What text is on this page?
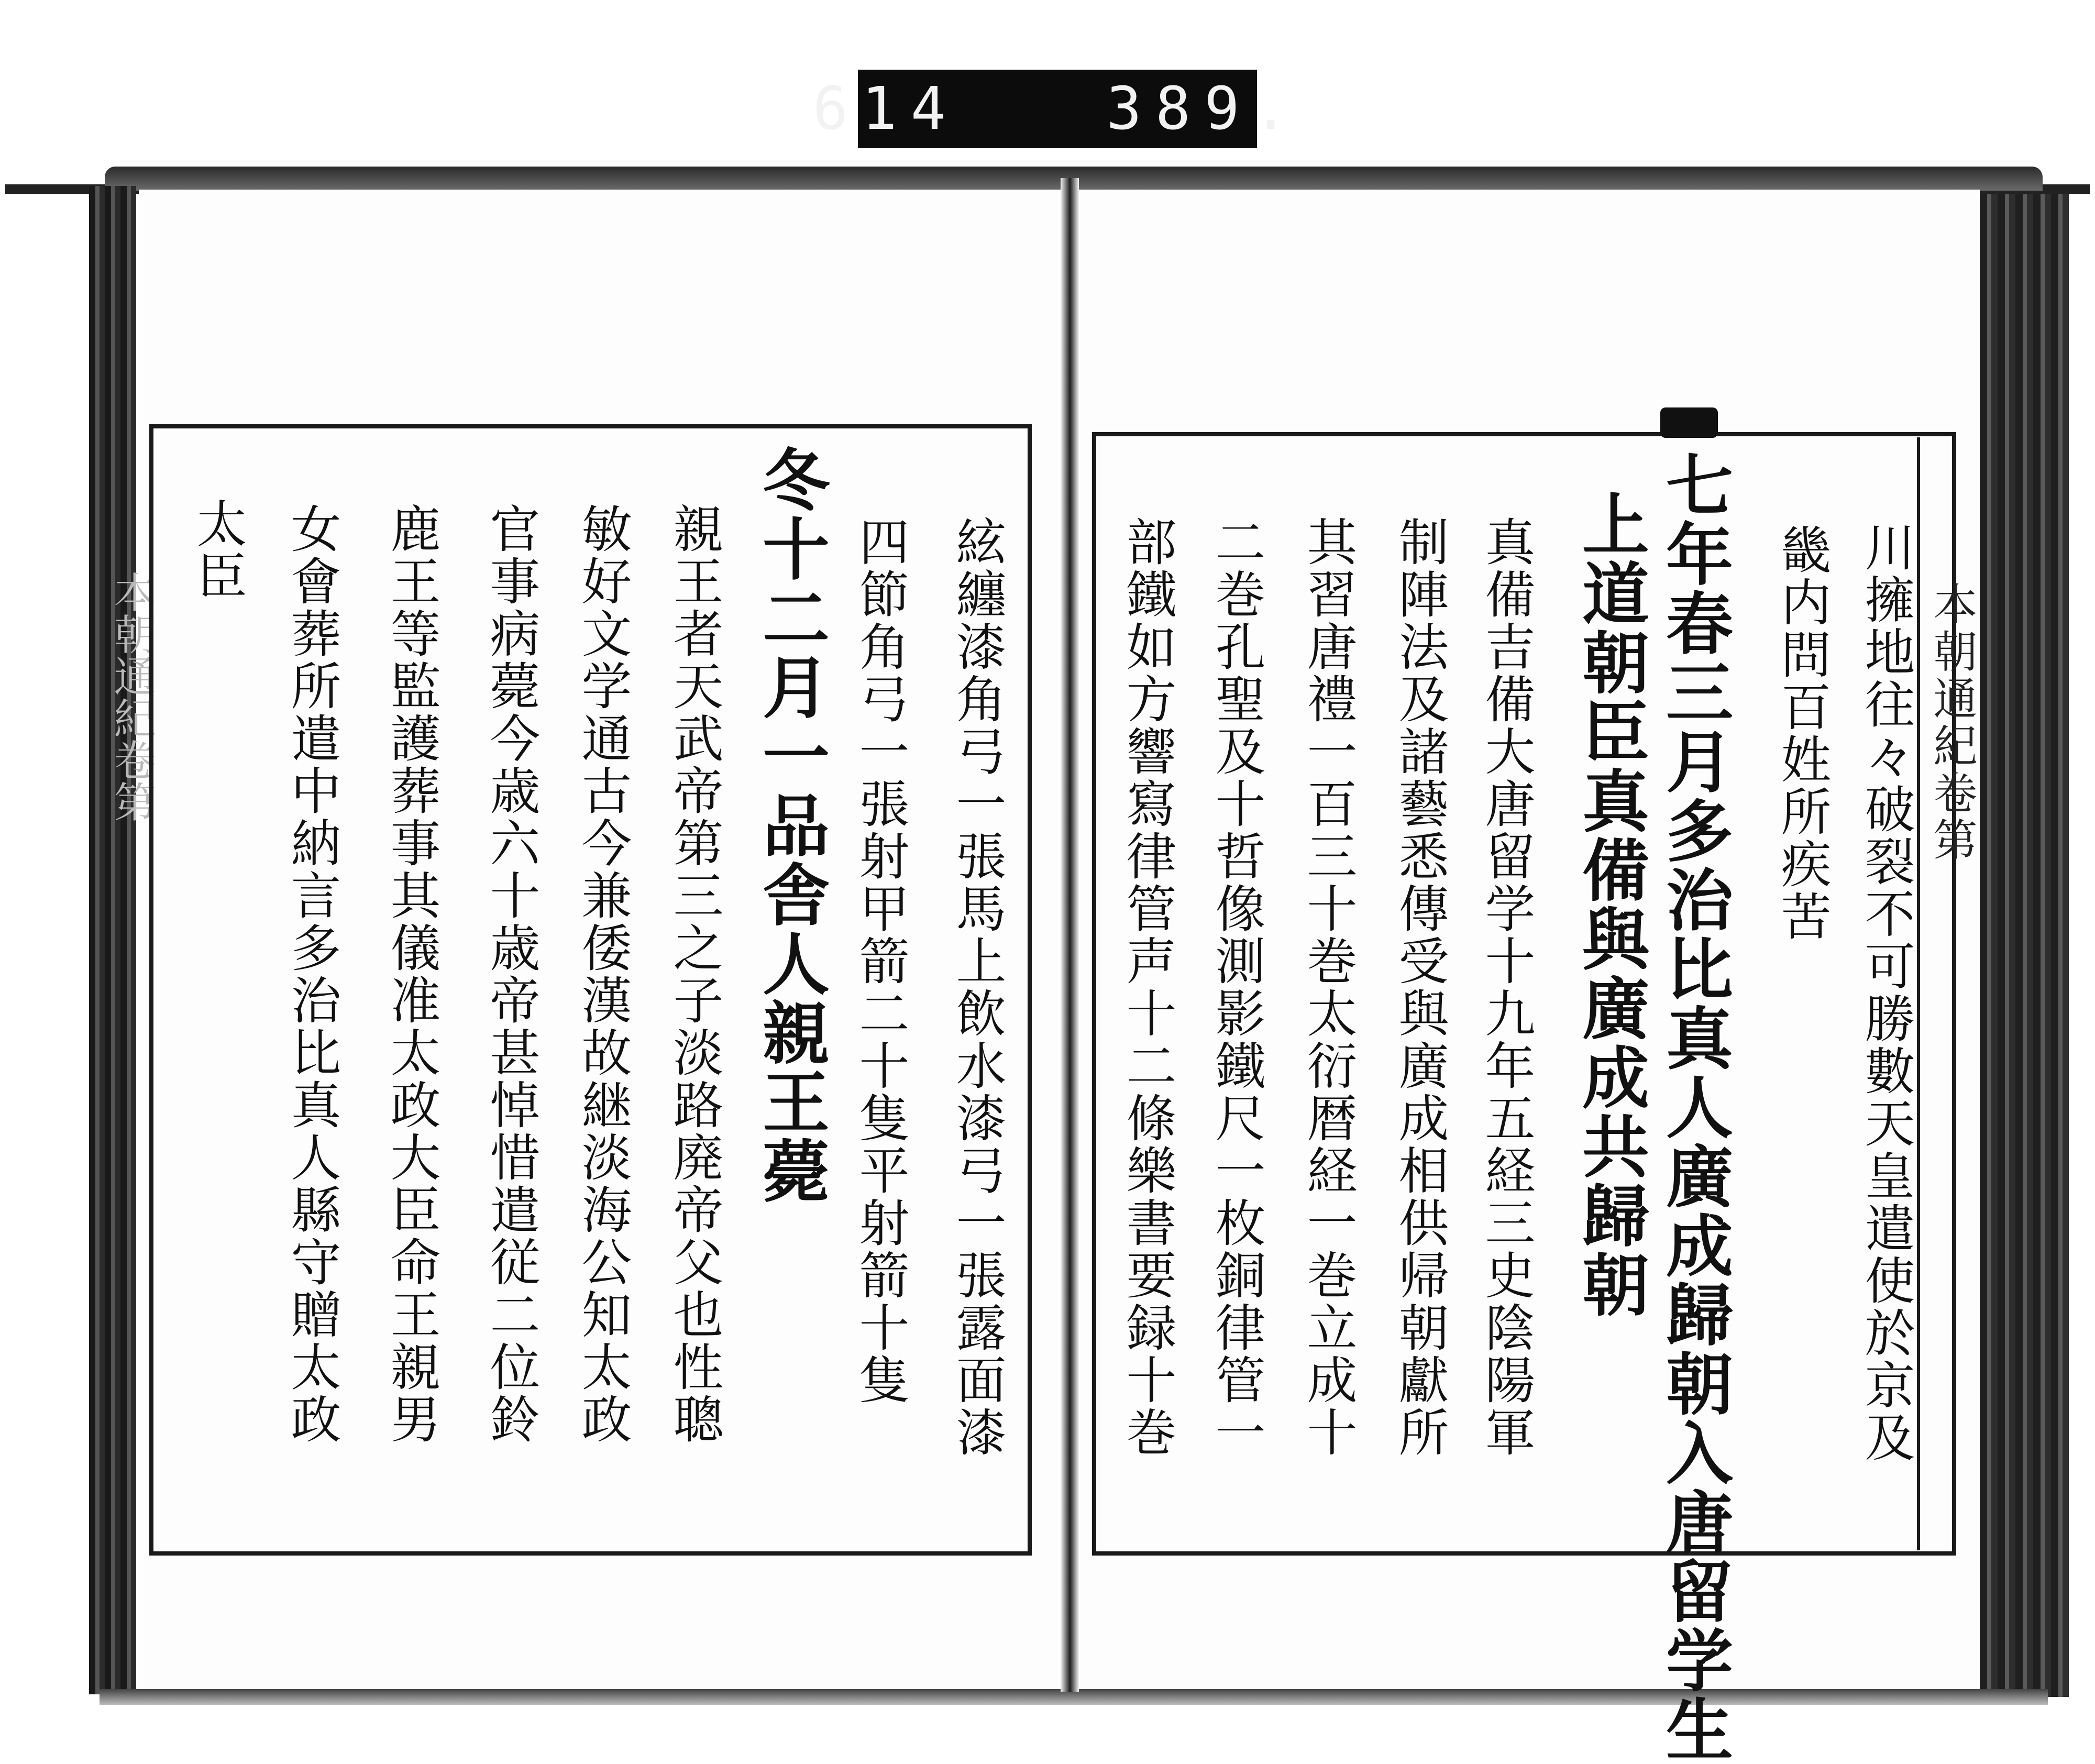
本朝通紀卷第
614   389.
本朝通紀卷第
川擁地往々破裂不可勝數天皇遣使於京及
畿内問百姓所疾苦
七年春三月多治比真人廣成歸朝入唐留学生
上道朝臣真備與廣成共歸朝
真備吉備大唐留学十九年五経三史陰陽軍
制陣法及諸藝悉傳受與廣成相供帰朝獻所
其習唐禮一百三十巻太衍暦経一巻立成十
二巻孔聖及十哲像測影鐵尺一枚銅律管一
部鐵如方響寫律管声十二條樂書要録十巻
絃纏漆角弓一張馬上飲水漆弓一張露面漆
四節角弓一張射甲箭二十隻平射箭十隻
冬十二月一品舎人親王薨
親王者天武帝第三之子淡路廃帝父也性聰
敏好文学通古今兼倭漢故継淡海公知太政
官事病薨今歳六十歳帝甚悼惜遣従二位鈴
鹿王等監護葬事其儀准太政大臣命王親男
女會葬所遣中納言多治比真人縣守贈太政
太臣
